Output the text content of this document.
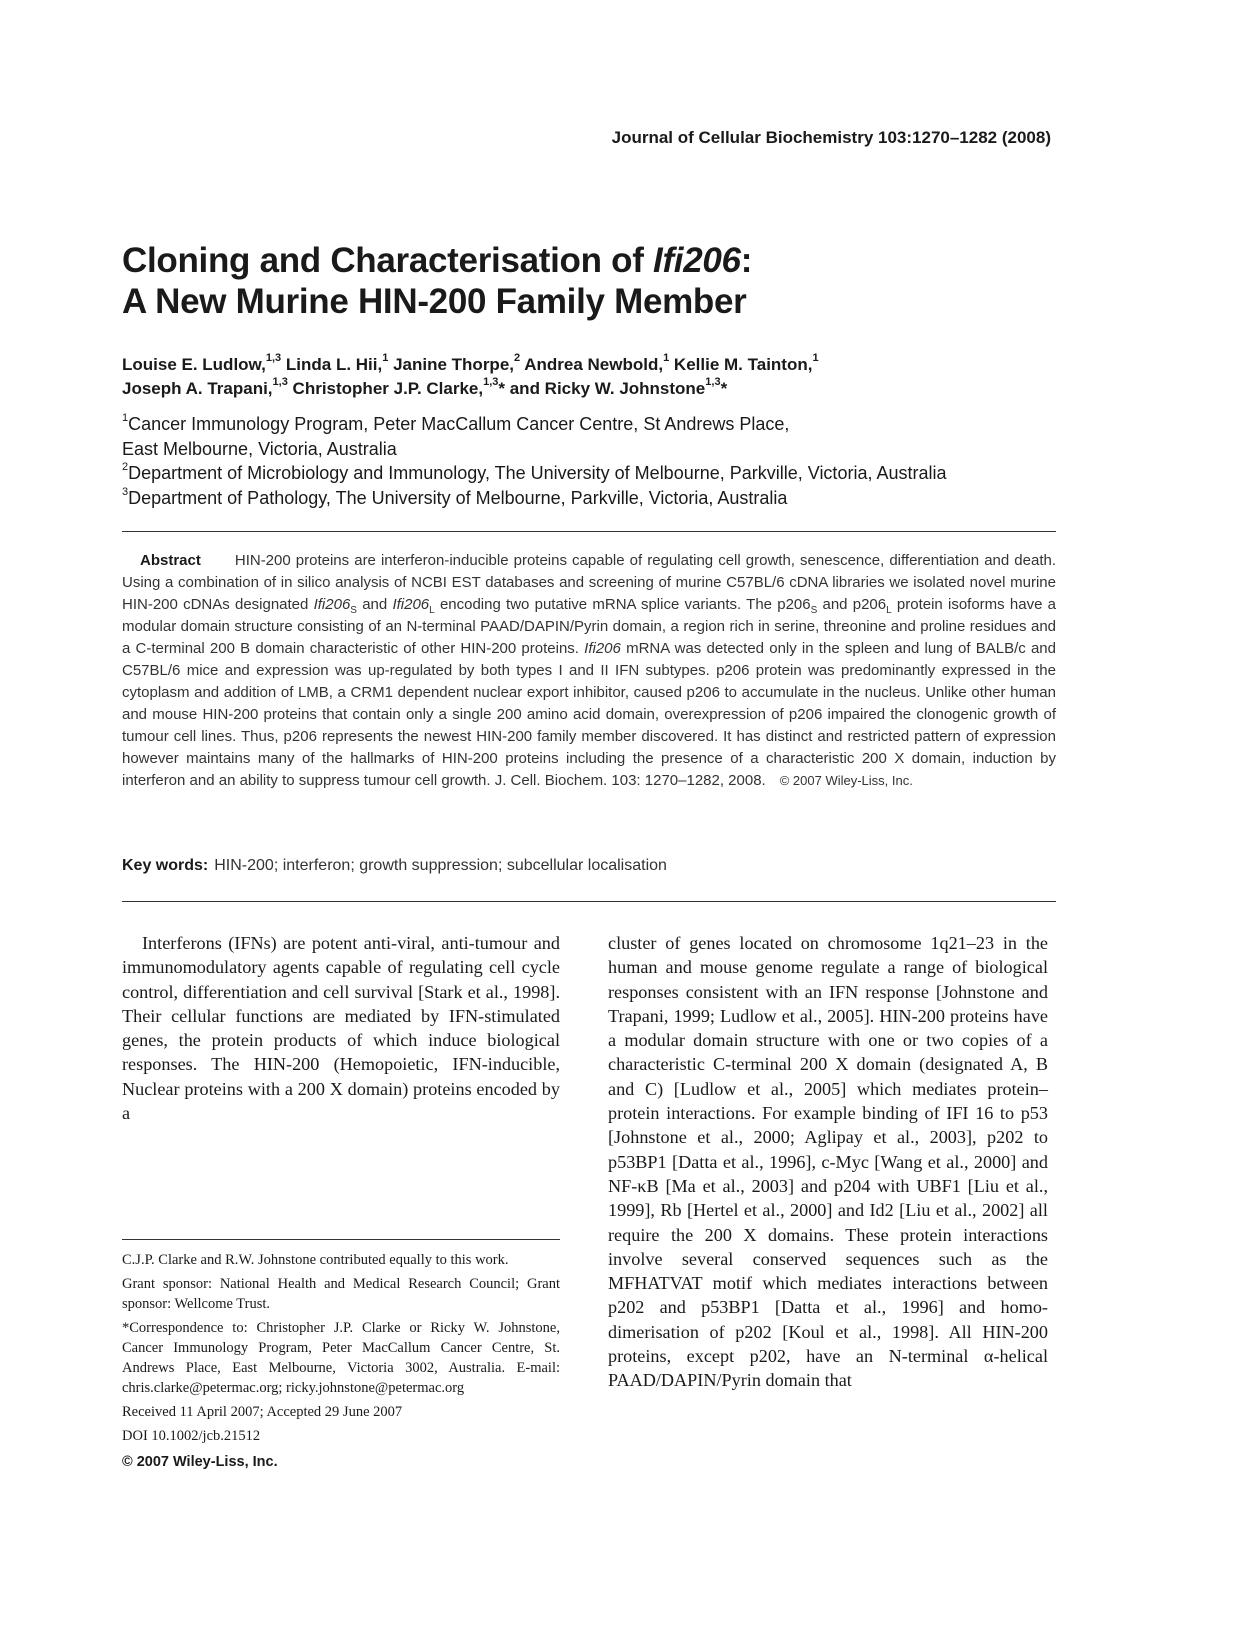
Journal of Cellular Biochemistry 103:1270–1282 (2008)
Cloning and Characterisation of Ifi206:
A New Murine HIN-200 Family Member
Louise E. Ludlow,$^{1,3}$ Linda L. Hii,$^1$ Janine Thorpe,$^2$ Andrea Newbold,$^1$ Kellie M. Tainton,$^1$
Joseph A. Trapani,$^{1,3}$ Christopher J.P. Clarke,$^{1,3}$* and Ricky W. Johnstone$^{1,3}$*
$^1$Cancer Immunology Program, Peter MacCallum Cancer Centre, St Andrews Place,
East Melbourne, Victoria, Australia
$^2$Department of Microbiology and Immunology, The University of Melbourne, Parkville, Victoria, Australia
$^3$Department of Pathology, The University of Melbourne, Parkville, Victoria, Australia
Abstract HIN-200 proteins are interferon-inducible proteins capable of regulating cell growth, senescence, differentiation and death. Using a combination of in silico analysis of NCBI EST databases and screening of murine C57BL/6 cDNA libraries we isolated novel murine HIN-200 cDNAs designated $Ifi206_S$ and $Ifi206_L$ encoding two putative mRNA splice variants. The $p206_S$ and $p206_L$ protein isoforms have a modular domain structure consisting of an N-terminal PAAD/DAPIN/Pyrin domain, a region rich in serine, threonine and proline residues and a C-terminal 200 B domain characteristic of other HIN-200 proteins. Ifi206 mRNA was detected only in the spleen and lung of BALB/c and C57BL/6 mice and expression was up-regulated by both types I and II IFN subtypes. p206 protein was predominantly expressed in the cytoplasm and addition of LMB, a CRM1 dependent nuclear export inhibitor, caused p206 to accumulate in the nucleus. Unlike other human and mouse HIN-200 proteins that contain only a single 200 amino acid domain, overexpression of p206 impaired the clonogenic growth of tumour cell lines. Thus, p206 represents the newest HIN-200 family member discovered. It has distinct and restricted pattern of expression however maintains many of the hallmarks of HIN-200 proteins including the presence of a characteristic 200 X domain, induction by interferon and an ability to suppress tumour cell growth. J. Cell. Biochem. 103: 1270–1282, 2008. © 2007 Wiley-Liss, Inc.
Key words: HIN-200; interferon; growth suppression; subcellular localisation
Interferons (IFNs) are potent anti-viral, anti-tumour and immunomodulatory agents capable of regulating cell cycle control, differentiation and cell survival [Stark et al., 1998]. Their cellular functions are mediated by IFN-stimulated genes, the protein products of which induce biological responses. The HIN-200 (Hemopoietic, IFN-inducible, Nuclear proteins with a 200 X domain) proteins encoded by a
cluster of genes located on chromosome 1q21–23 in the human and mouse genome regulate a range of biological responses consistent with an IFN response [Johnstone and Trapani, 1999; Ludlow et al., 2005]. HIN-200 proteins have a modular domain structure with one or two copies of a characteristic C-terminal 200 X domain (designated A, B and C) [Ludlow et al., 2005] which mediates protein–protein interactions. For example binding of IFI 16 to p53 [Johnstone et al., 2000; Aglipay et al., 2003], p202 to p53BP1 [Datta et al., 1996], c-Myc [Wang et al., 2000] and NF-κB [Ma et al., 2003] and p204 with UBF1 [Liu et al., 1999], Rb [Hertel et al., 2000] and Id2 [Liu et al., 2002] all require the 200 X domains. These protein interactions involve several conserved sequences such as the MFHATVAT motif which mediates interactions between p202 and p53BP1 [Datta et al., 1996] and homo-dimerisation of p202 [Koul et al., 1998]. All HIN-200 proteins, except p202, have an N-terminal α-helical PAAD/DAPIN/Pyrin domain that

C.J.P. Clarke and R.W. Johnstone contributed equally to this work.

Grant sponsor: National Health and Medical Research Council; Grant sponsor: Wellcome Trust.

*Correspondence to: Christopher J.P. Clarke or Ricky W. Johnstone, Cancer Immunology Program, Peter MacCallum Cancer Centre, St. Andrews Place, East Melbourne, Victoria 3002, Australia. E-mail: chris.clarke@petermac.org; ricky.johnstone@petermac.org

Received 11 April 2007; Accepted 29 June 2007

DOI 10.1002/jcb.21512

© 2007 Wiley-Liss, Inc.
